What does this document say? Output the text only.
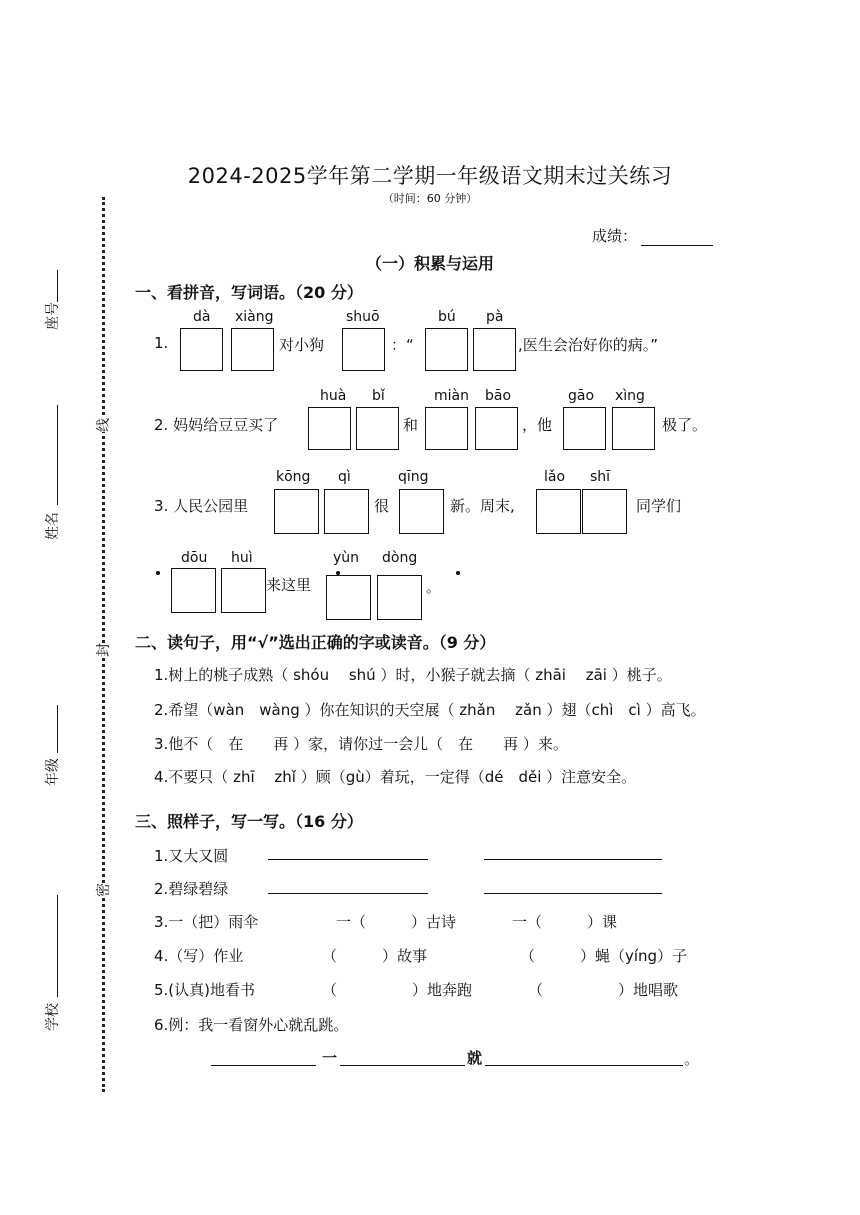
2024-2025学年第二学期一年级语文期末过关练习
（时间：60 分钟）
成绩：
（一）积累与运用
座号
姓名
年级
学校
线
封
密
一、看拼音，写词语。（20 分）
dà xiàng	shuō	bú pà
1.	对小狗	：“	,医生会治好你的病。”
huà bǐ	miàn bāo	gāo xìng
2. 妈妈给豆豆买了	和	，他	极了。
kōng qì	qīng	lǎo shī
3. 人民公园里	很	新。周末,	同学们
dōu huì	yùn dòng
来这里	。
二、读句子，用“√”选出正确的字或读音。（9 分）
1.树上的桃子成熟（ shóu　 shú ）时，小猴子就去摘（ zhāi　 zāi ）桃子。
2.希望（wàn　wàng ）你在知识的天空展（ zhǎn　 zǎn ）翅（chì　cì ）高飞。
3.他不（　在　　再 ）家，请你过一会儿（　在　　再 ）来。
4.不要只（ zhī　 zhǐ ）顾（gù）着玩，一定得（dé　děi ）注意安全。
三、照样子，写一写。（16 分）
1.又大又圆
2.碧绿碧绿
3.一（把）雨伞	一（　　　）古诗	一（　　　）课
4.（写）作业	（　　　）故事	（　　　）蝇（yíng）子
5.(认真)地看书	（　　　　　）地奔跑	（　　　　　）地唱歌
6.例：我一看窗外心就乱跳。
一	就	。
